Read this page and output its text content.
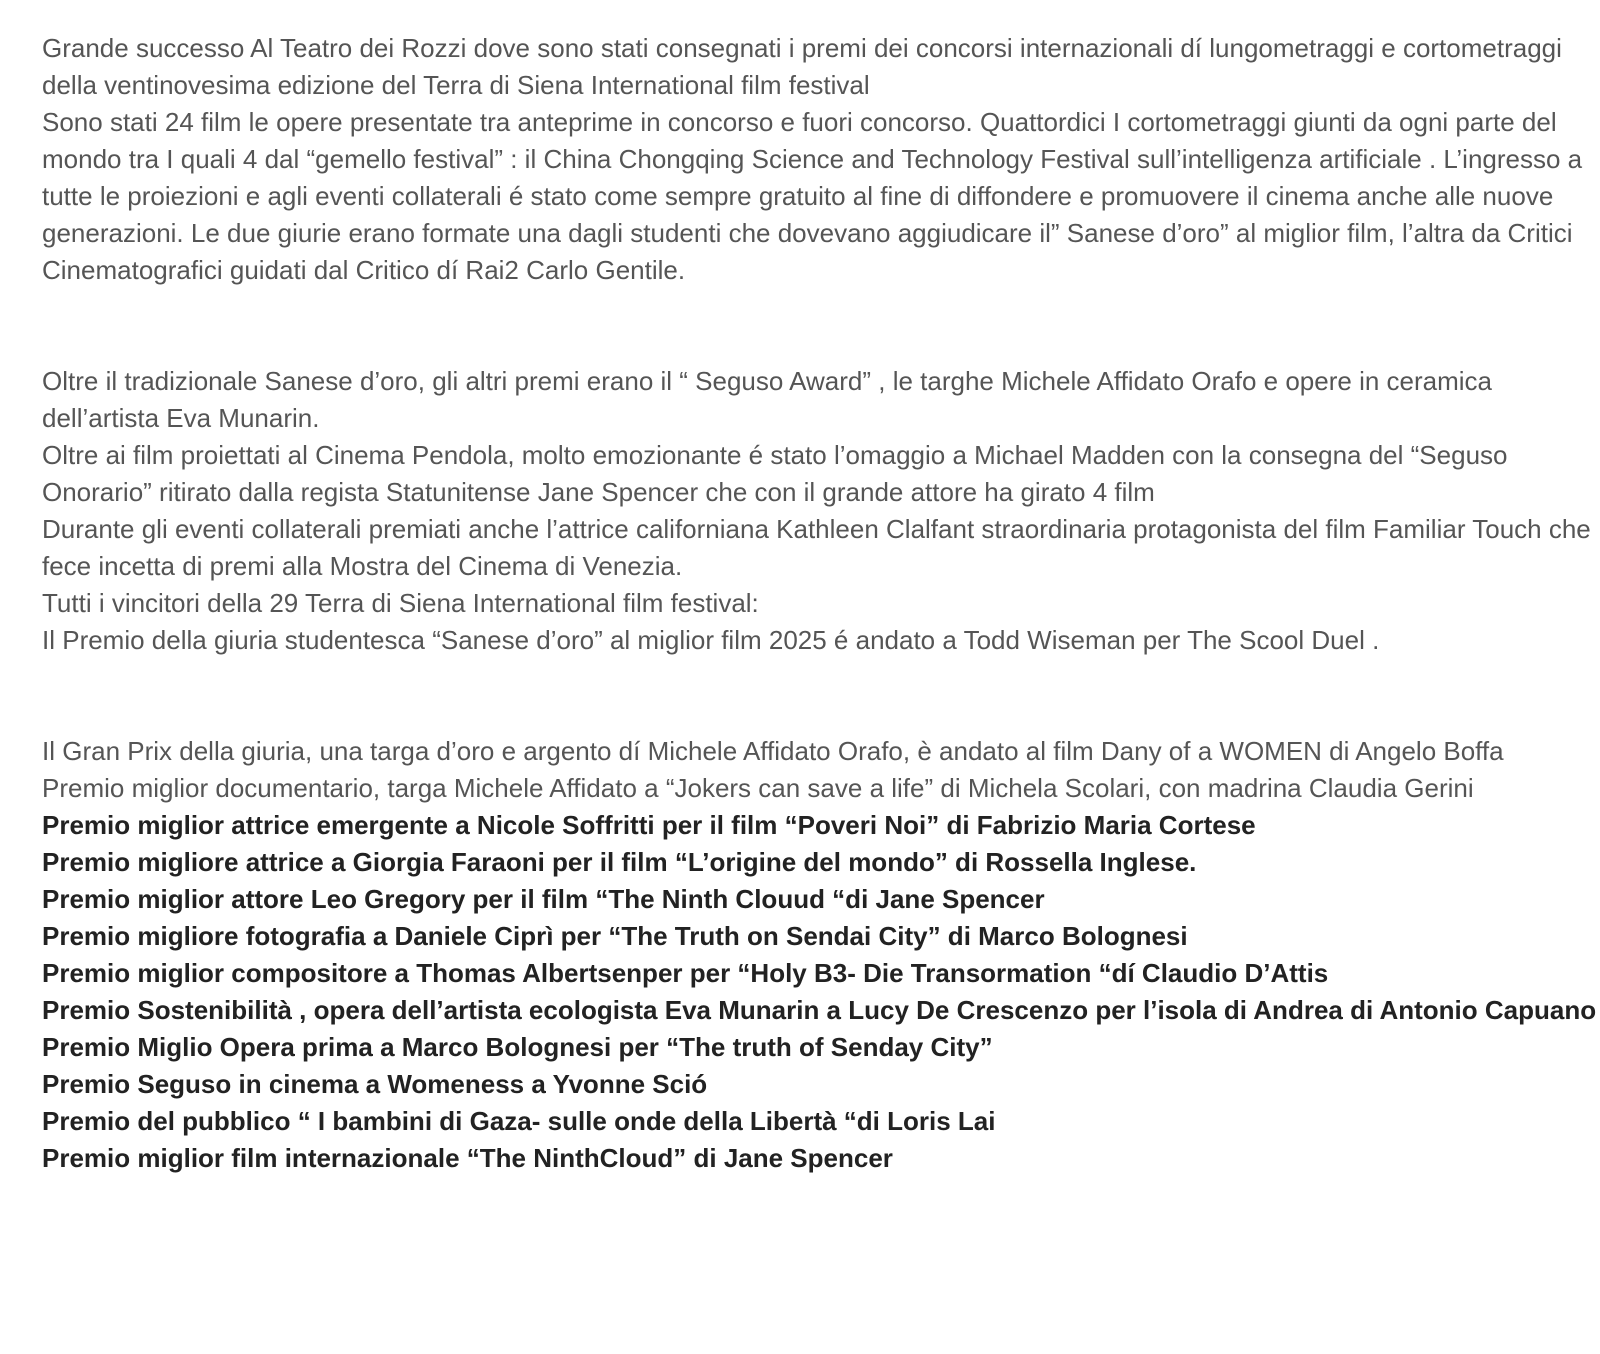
Grande successo Al Teatro dei Rozzi dove sono stati consegnati i premi dei concorsi internazionali dí lungometraggi e cortometraggi della ventinovesima edizione del Terra di Siena International film festival

Sono stati 24 film le opere presentate tra anteprime in concorso e fuori concorso. Quattordici I cortometraggi giunti da ogni parte del mondo tra I quali 4 dal “gemello festival” : il China Chongqing Science and Technology Festival sull’intelligenza artificiale . L’ingresso a tutte le proiezioni e agli eventi collaterali é stato come sempre gratuito al fine di diffondere e promuovere il cinema anche alle nuove generazioni. Le due giurie erano formate una dagli studenti che dovevano aggiudicare il” Sanese d’oro” al miglior film, l’altra da Critici Cinematografici guidati dal Critico dí Rai2 Carlo Gentile.

Oltre il tradizionale Sanese d’oro, gli altri premi erano il “ Seguso Award” , le targhe Michele Affidato Orafo e opere in ceramica dell’artista Eva Munarin.

Oltre ai film proiettati al Cinema Pendola, molto emozionante é stato l’omaggio a Michael Madden con la consegna del “Seguso Onorario” ritirato dalla regista Statunitense Jane Spencer che con il grande attore ha girato 4 film

Durante gli eventi collaterali premiati anche l’attrice californiana Kathleen Clalfant straordinaria protagonista del film Familiar Touch che fece incetta di premi alla Mostra del Cinema di Venezia.

Tutti i vincitori della 29 Terra di Siena International film festival:

Il Premio della giuria studentesca “Sanese d’oro” al miglior film 2025 é andato a Todd Wiseman per The Scool Duel .

Il Gran Prix della giuria, una targa d’oro e argento dí Michele Affidato Orafo, è andato al film Dany of a WOMEN di Angelo Boffa

Premio miglior documentario, targa Michele Affidato a “Jokers can save a life” di Michela Scolari, con madrina Claudia Gerini

Premio miglior attrice emergente a Nicole Soffritti per il film “Poveri Noi” di Fabrizio Maria Cortese

Premio migliore attrice a Giorgia Faraoni per il film “L’origine del mondo” di Rossella Inglese.

Premio miglior attore Leo Gregory per il film “The Ninth Clouud “di Jane Spencer

Premio migliore fotografia a Daniele Ciprì per “The Truth on Sendai City” di Marco Bolognesi

Premio miglior compositore a Thomas Albertsenper per “Holy B3- Die Transormation “dí Claudio D’Attis

Premio Sostenibilità , opera dell’artista ecologista Eva Munarin a Lucy De Crescenzo per l’isola di Andrea di Antonio Capuano

Premio Miglio Opera prima a Marco Bolognesi per “The truth of Senday City”

Premio Seguso in cinema a Womeness a Yvonne Sció

Premio del pubblico “ I bambini di Gaza- sulle onde della Libertà “di Loris Lai

Premio miglior film internazionale “The NinthCloud” di Jane Spencer
